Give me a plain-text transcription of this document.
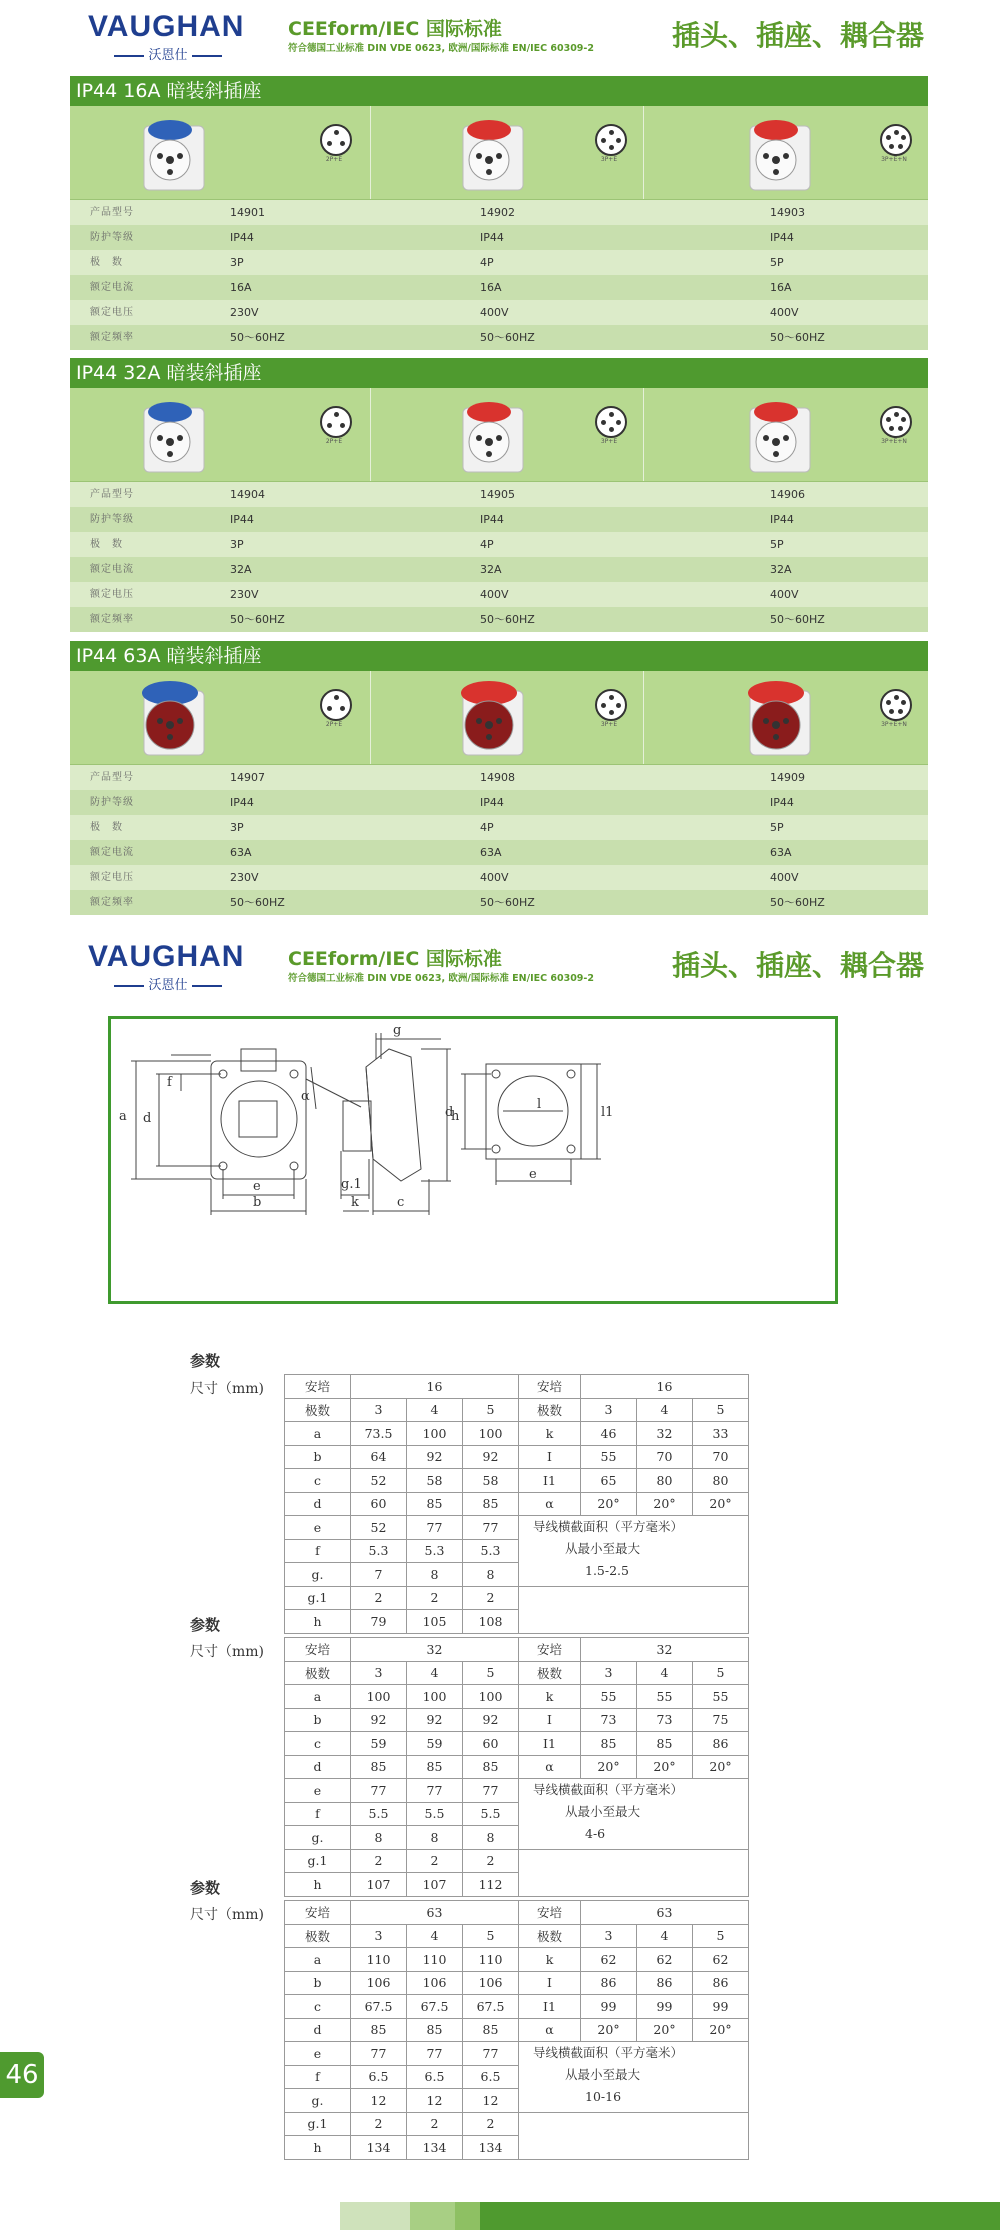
VAUGHAN
沃恩仕
CEEform/IEC 国际标准
符合德国工业标准 DIN VDE 0623, 欧洲/国际标准 EN/IEC 60309-2	插头、插座、耦合器
IP44 16A 暗装斜插座
2P+E	3P+E	3P+E+N
产品型号	14901	14902	14903
防护等级	IP44	IP44	IP44
极　数	3P	4P	5P
额定电流	16A	16A	16A
额定电压	230V	400V	400V
额定频率	50～60HZ	50～60HZ	50～60HZ
IP44 32A 暗装斜插座
2P+E	3P+E	3P+E+N
产品型号	14904	14905	14906
防护等级	IP44	IP44	IP44
极　数	3P	4P	5P
额定电流	32A	32A	32A
额定电压	230V	400V	400V
额定频率	50～60HZ	50～60HZ	50～60HZ
IP44 63A 暗装斜插座
2P+E	3P+E	3P+E+N
产品型号	14907	14908	14909
防护等级	IP44	IP44	IP44
极　数	3P	4P	5P
额定电流	63A	63A	63A
额定电压	230V	400V	400V
额定频率	50～60HZ	50～60HZ	50～60HZ
VAUGHAN
沃恩仕
CEEform/IEC 国际标准
符合德国工业标准 DIN VDE 0623, 欧洲/国际标准 EN/IEC 60309-2	插头、插座、耦合器
a d
f
e
b
g
α
h
g.1
k	c
d
l
l1
e
参数
尺寸（mm)	安培	16			安培	16		
极数	3	4	5	极数	3	4	5
a	73.5	100	100	k	46	32	33
b	64	92	92	I	55	70	70
c	52	58	58	I1	65	80	80
d	60	85	85	α	20°	20°	20°
e	52	77	77	导线横截面积（平方毫米）
从最小至最大
1.5-2.5			

f	5.3	5.3	5.3				
g.	7	8	8				
g.1	2	2	2				
h	79	105	108				
参数
尺寸（mm)	安培	32			安培	32		
极数	3	4	5	极数	3	4	5
a	100	100	100	k	55	55	55
b	92	92	92	I	73	73	75
c	59	59	60	I1	85	85	86
d	85	85	85	α	20°	20°	20°
e	77	77	77	导线横截面积（平方毫米）
从最小至最大
4-6			

f	5.5	5.5	5.5				
g.	8	8	8				
g.1	2	2	2				
h	107	107	112				
参数
尺寸（mm)	安培	63			安培	63		
极数	3	4	5	极数	3	4	5
a	110	110	110	k	62	62	62
b	106	106	106	I	86	86	86
c	67.5	67.5	67.5	I1	99	99	99
d	85	85	85	α	20°	20°	20°
e	77	77	77	导线横截面积（平方毫米）
从最小至最大
10-16			

f	6.5	6.5	6.5				
g.	12	12	12				
g.1	2	2	2				
h	134	134	134				
46
